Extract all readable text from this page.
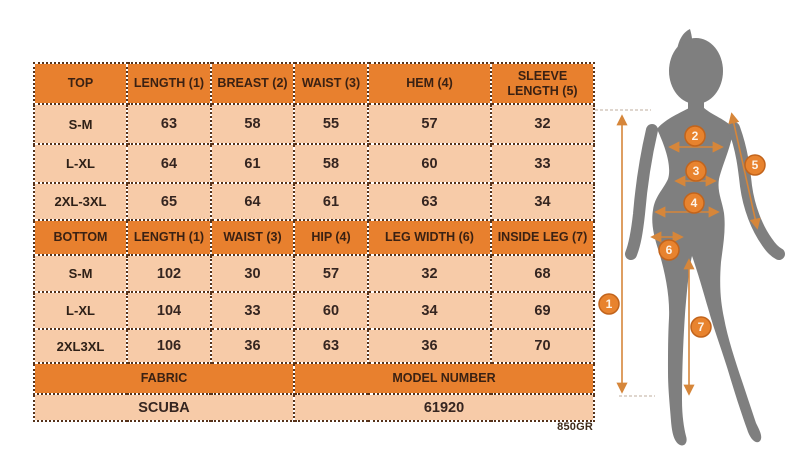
TOP	LENGTH (1)	BREAST (2)	WAIST (3)	HEM (4)	SLEEVE LENGTH (5)
S-M	63	58	55	57	32
L-XL	64	61	58	60	33
2XL-3XL	65	64	61	63	34
BOTTOM	LENGTH (1)	WAIST (3)	HIP (4)	LEG WIDTH (6)	INSIDE LEG (7)
S-M	102	30	57	32	68
L-XL	104	33	60	34	69
2XL3XL	106	36	63	36	70
FABRIC			MODEL NUMBER		
SCUBA			61920		
850GR
1
2
3
4
5
6
7
